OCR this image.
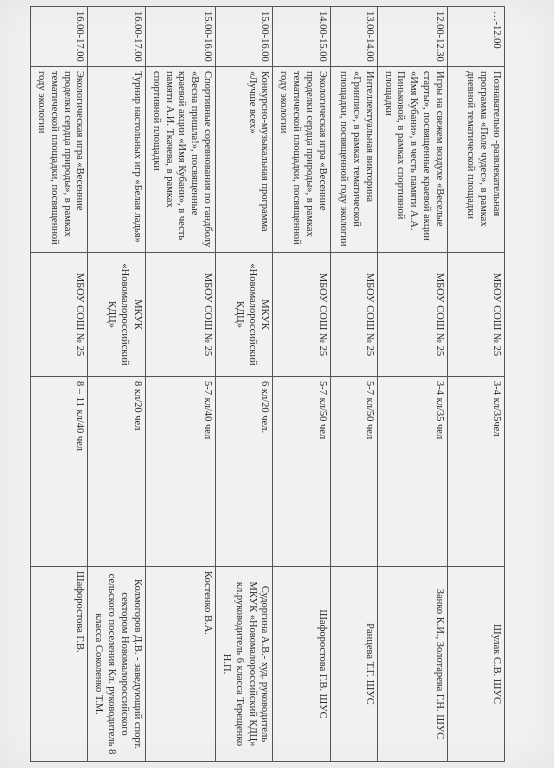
…-12.00	Познавательно -развлекательная программа «Поле чудес», в рамках дневной тематической площадки	МБОУ СОШ № 25	3-4 кл/35чел	Шулак С.В. ШУС
12.00-12.30	Игры на свежем воздухе «Веселые старты», посвященные краевой акции «Имя Кубани», в честь памяти А.А. Пиньковой, в рамках спортивной площадки	МБОУ СОШ № 25	3-4 кл/35 чел	Занко К.И., Золотарева Г.Н. ШУС
13.00-14.00	Интеллектуальная викторина «Гринпис», в рамках тематической площадки, посвященной году экологии	МБОУ СОШ № 25	5-7 кл/50 чел	Ранцева Т.Г. ШУС
14.00-15.00	Экологическая игра «Весенние проделки сердца природы», в рамках тематической площадки, посвященной году экологии	МБОУ СОШ № 25	5-7 кл/50 чел	Шафоростова Г.В. ШУС
15.00-16.00	Конкурсно-музыкальная программа «Лучше всех»	МКУК «Новомалороссийский КДЦ»	6 кл/20 чел.	Судоргина А.В.- худ. руководитель МКУК «Новомалороссийский КДЦ» кл.руководитель 6 класса Терещенко Н.П.
15.00-16.00	Спортивные соревнования по гандболу «Весна пришла!», посвященные краевой акции «Имя Кубани», в честь памяти А.И. Ткачева, в рамках спортивной площадки	МБОУ СОШ № 25	5-7 кл/40 чел	Костенко В.А.
16.00-17.00	Турнир настольных игр «Белая ладья»	МКУК «Новомалороссийский КДЦ»	8 кл/20 чел	Колмогоров Д.В. - заведующий спорт. сектором Новомалороссийского сельского поселения Кл. руководитель 8 класса Соколенко Т.М.
16.00-17.00	Экологическая игра «Весенние проделки сердца природы», в рамках тематической площадки, посвященной году экологии	МБОУ СОШ № 25	8 – 11 кл/40 чел	Шафоростова Г.В.
